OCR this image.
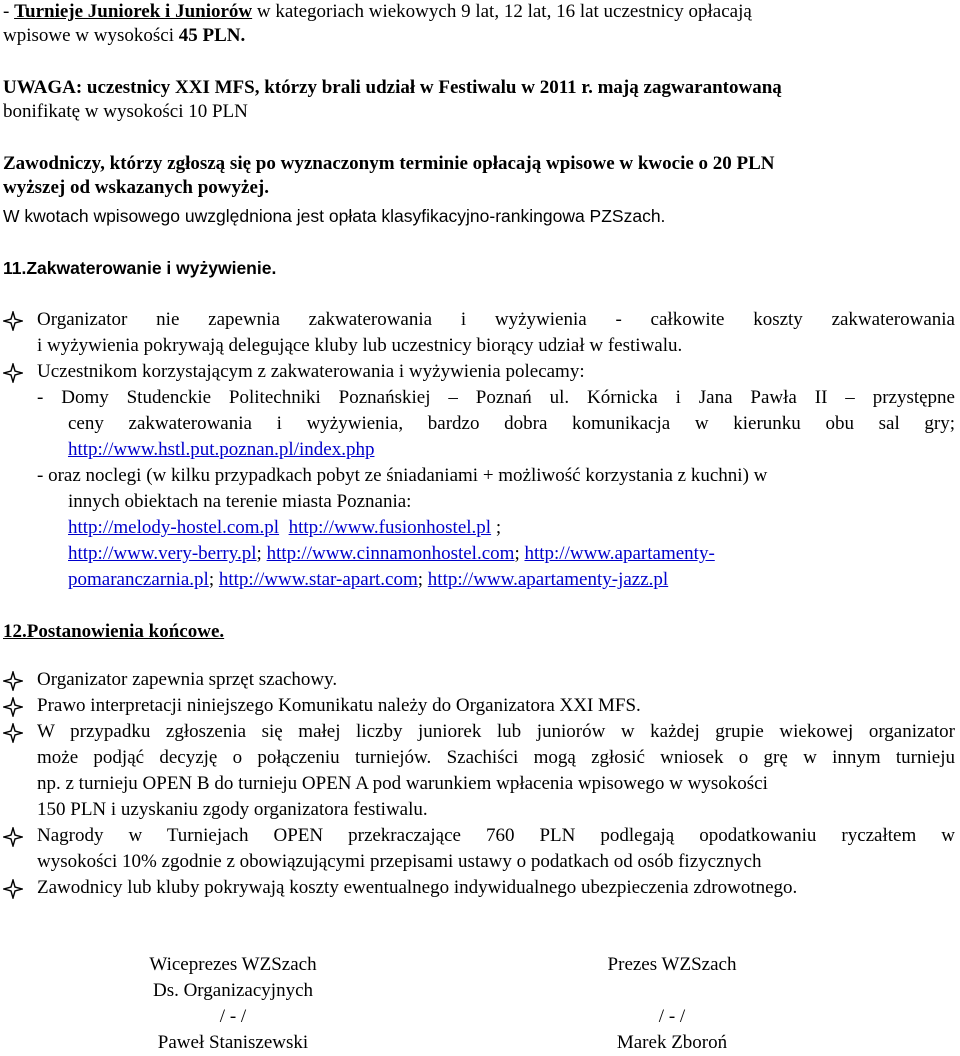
- Turnieje Juniorek i Juniorów w kategoriach wiekowych 9 lat, 12 lat, 16 lat uczestnicy opłacają
wpisowe w wysokości 45 PLN.
UWAGA: uczestnicy XXI MFS, którzy brali udział w Festiwalu w 2011 r. mają zagwarantowaną
bonifikatę w wysokości 10 PLN
Zawodniczy, którzy zgłoszą się po wyznaczonym terminie opłacają wpisowe w kwocie o 20 PLN
wyższej od wskazanych powyżej.
W kwotach wpisowego uwzględniona jest opłata klasyfikacyjno-rankingowa PZSzach.
11.Zakwaterowanie i wyżywienie.
Organizator nie zapewnia zakwaterowania i wyżywienia - całkowite koszty zakwaterowania
i wyżywienia pokrywają delegujące kluby lub uczestnicy biorący udział w festiwalu.
Uczestnikom korzystającym z zakwaterowania i wyżywienia polecamy:
- Domy Studenckie Politechniki Poznańskiej – Poznań ul. Kórnicka i Jana Pawła II – przystępne
ceny zakwaterowania i wyżywienia, bardzo dobra komunikacja w kierunku obu sal gry;
http://www.hstl.put.poznan.pl/index.php
- oraz noclegi (w kilku przypadkach pobyt ze śniadaniami + możliwość korzystania z kuchni) w
innych obiektach na terenie miasta Poznania:
http://melody-hostel.com.pl http://www.fusionhostel.pl ;
http://www.very-berry.pl; http://www.cinnamonhostel.com; http://www.apartamenty-
pomaranczarnia.pl; http://www.star-apart.com; http://www.apartamenty-jazz.pl
12.Postanowienia końcowe.
Organizator zapewnia sprzęt szachowy.
Prawo interpretacji niniejszego Komunikatu należy do Organizatora XXI MFS.
W przypadku zgłoszenia się małej liczby juniorek lub juniorów w każdej grupie wiekowej organizator
może podjąć decyzję o połączeniu turniejów. Szachiści mogą zgłosić wniosek o grę w innym turnieju
np. z turnieju OPEN B do turnieju OPEN A pod warunkiem wpłacenia wpisowego w wysokości
150 PLN i uzyskaniu zgody organizatora festiwalu.
Nagrody w Turniejach OPEN przekraczające 760 PLN podlegają opodatkowaniu ryczałtem w
wysokości 10% zgodnie z obowiązującymi przepisami ustawy o podatkach od osób fizycznych
Zawodnicy lub kluby pokrywają koszty ewentualnego indywidualnego ubezpieczenia zdrowotnego.
Wiceprezes WZSzach
Ds. Organizacyjnych
/ - /
Paweł Staniszewski
Prezes WZSzach

/ - /
Marek Zboroń
